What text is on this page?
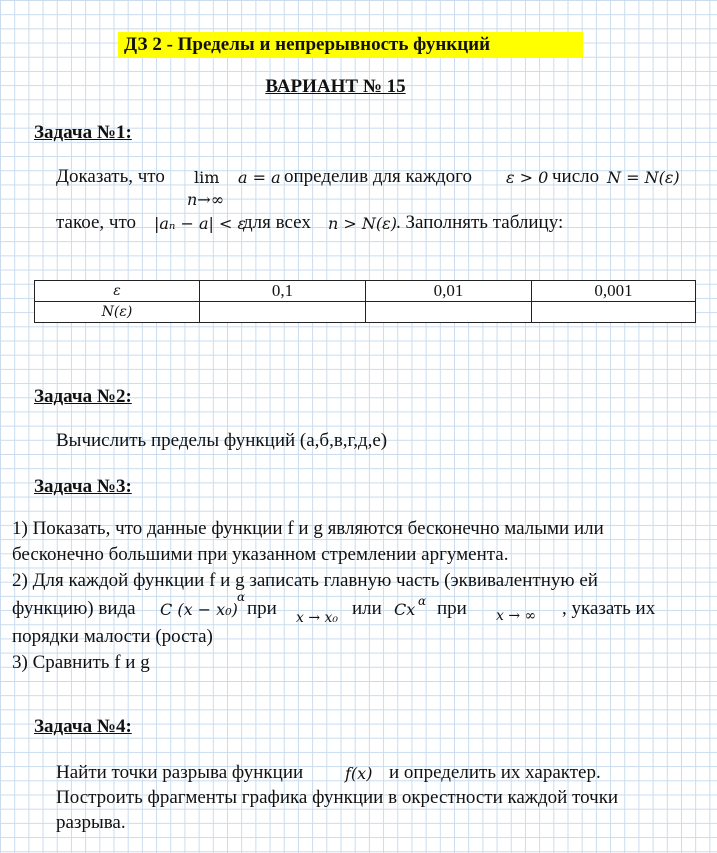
ДЗ 2 - Пределы и непрерывность функций
ВАРИАНТ № 15
Задача №1:
Доказать, что lim
n→∞
a = a определив для каждого ε > 0 число N = N(ε)
такое, что |aₙ − a| < ε
для всех n > N(ε) . Заполнять таблицу:
ε	0,1	0,01	0,001
N(ε)			
Задача №2:
Вычислить пределы функций (а,б,в,г,д,е)
Задача №3:
1) Показать, что данные функции f и g являются бесконечно малыми или
бесконечно большими при указанном стремлении аргумента.
2) Для каждой функции f и g записать главную часть (эквивалентную ей
функцию) вида C (x − x₀)
α
при x → x₀ или Cx α при x → ∞ , указать их
порядки малости (роста)
3) Сравнить f и g
Задача №4:
Найти точки разрыва функции	f(x) и определить их характер.
Построить фрагменты графика функции в окрестности каждой точки
разрыва.
